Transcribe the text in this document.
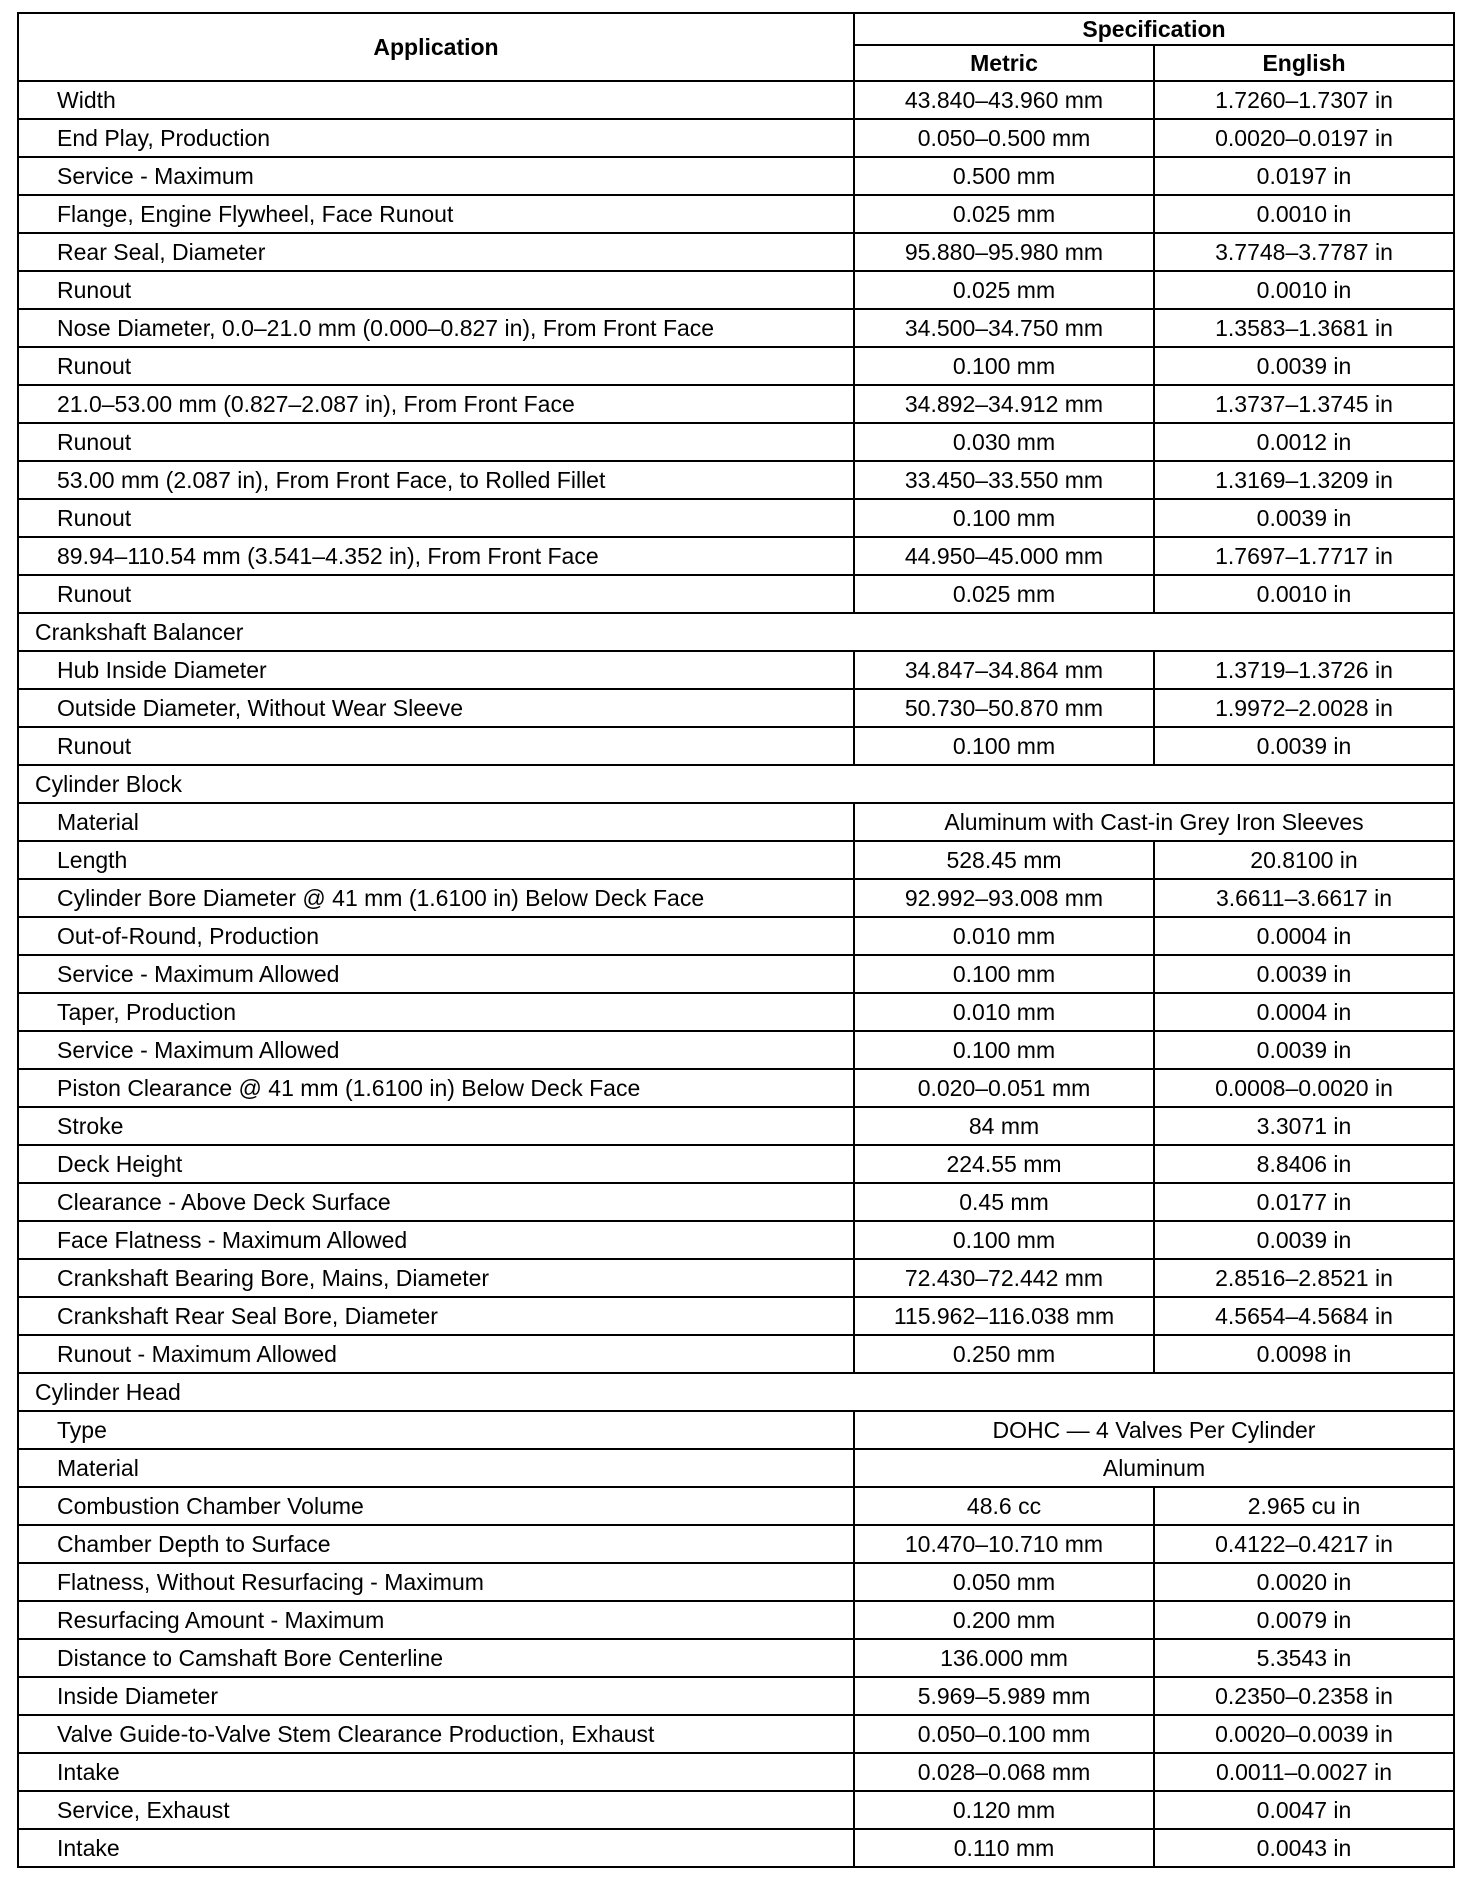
Application	Specification	
	Metric	English
Width	43.840–43.960 mm	1.7260–1.7307 in
End Play, Production	0.050–0.500 mm	0.0020–0.0197 in
Service - Maximum	0.500 mm	0.0197 in
Flange, Engine Flywheel, Face Runout	0.025 mm	0.0010 in
Rear Seal, Diameter	95.880–95.980 mm	3.7748–3.7787 in
Runout	0.025 mm	0.0010 in
Nose Diameter, 0.0–21.0 mm (0.000–0.827 in), From Front Face	34.500–34.750 mm	1.3583–1.3681 in
Runout	0.100 mm	0.0039 in
21.0–53.00 mm (0.827–2.087 in), From Front Face	34.892–34.912 mm	1.3737–1.3745 in
Runout	0.030 mm	0.0012 in
53.00 mm (2.087 in), From Front Face, to Rolled Fillet	33.450–33.550 mm	1.3169–1.3209 in
Runout	0.100 mm	0.0039 in
89.94–110.54 mm (3.541–4.352 in), From Front Face	44.950–45.000 mm	1.7697–1.7717 in
Runout	0.025 mm	0.0010 in
Crankshaft Balancer		
Hub Inside Diameter	34.847–34.864 mm	1.3719–1.3726 in
Outside Diameter, Without Wear Sleeve	50.730–50.870 mm	1.9972–2.0028 in
Runout	0.100 mm	0.0039 in
Cylinder Block		
Material	Aluminum with Cast-in Grey Iron Sleeves	
Length	528.45 mm	20.8100 in
Cylinder Bore Diameter @ 41 mm (1.6100 in) Below Deck Face	92.992–93.008 mm	3.6611–3.6617 in
Out-of-Round, Production	0.010 mm	0.0004 in
Service - Maximum Allowed	0.100 mm	0.0039 in
Taper, Production	0.010 mm	0.0004 in
Service - Maximum Allowed	0.100 mm	0.0039 in
Piston Clearance @ 41 mm (1.6100 in) Below Deck Face	0.020–0.051 mm	0.0008–0.0020 in
Stroke	84 mm	3.3071 in
Deck Height	224.55 mm	8.8406 in
Clearance - Above Deck Surface	0.45 mm	0.0177 in
Face Flatness - Maximum Allowed	0.100 mm	0.0039 in
Crankshaft Bearing Bore, Mains, Diameter	72.430–72.442 mm	2.8516–2.8521 in
Crankshaft Rear Seal Bore, Diameter	115.962–116.038 mm	4.5654–4.5684 in
Runout - Maximum Allowed	0.250 mm	0.0098 in
Cylinder Head		
Type	DOHC — 4 Valves Per Cylinder	
Material	Aluminum	
Combustion Chamber Volume	48.6 cc	2.965 cu in
Chamber Depth to Surface	10.470–10.710 mm	0.4122–0.4217 in
Flatness, Without Resurfacing - Maximum	0.050 mm	0.0020 in
Resurfacing Amount - Maximum	0.200 mm	0.0079 in
Distance to Camshaft Bore Centerline	136.000 mm	5.3543 in
Inside Diameter	5.969–5.989 mm	0.2350–0.2358 in
Valve Guide-to-Valve Stem Clearance Production, Exhaust	0.050–0.100 mm	0.0020–0.0039 in
Intake	0.028–0.068 mm	0.0011–0.0027 in
Service, Exhaust	0.120 mm	0.0047 in
Intake	0.110 mm	0.0043 in
